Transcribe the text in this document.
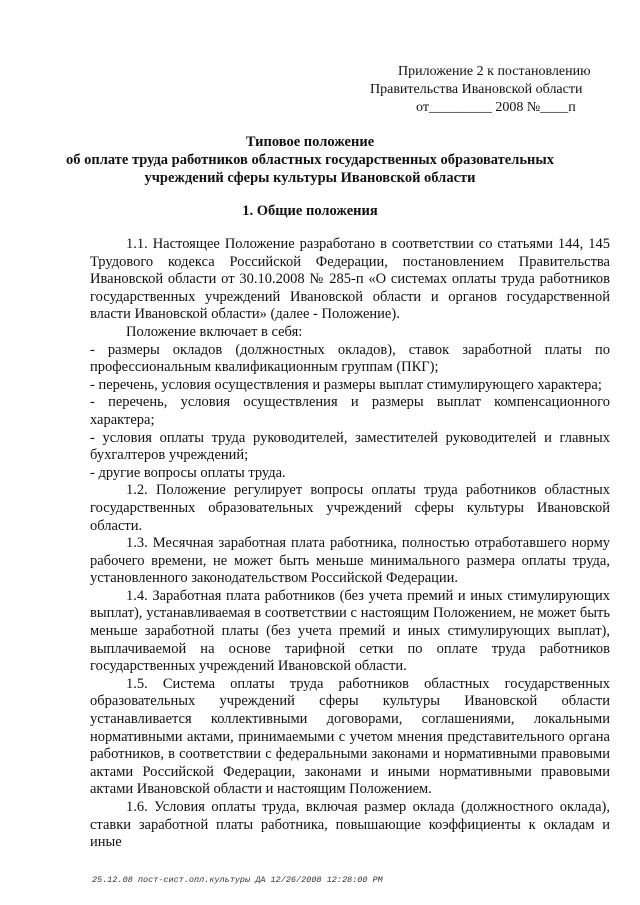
Приложение 2 к постановлению
Правительства Ивановской области
от_________ 2008 №____п
Типовое положение
об оплате труда работников областных государственных образовательных
учреждений сферы культуры Ивановской области
1. Общие положения

1.1. Настоящее Положение разработано в соответствии со статьями 144, 145 Трудового кодекса Российской Федерации, постановлением Правительства Ивановской области от 30.10.2008 № 285-п «О системах оплаты труда работников государственных учреждений Ивановской области и органов государственной власти Ивановской области» (далее - Положение).

Положение включает в себя:

- размеры окладов (должностных окладов), ставок заработной платы по профессиональным квалификационным группам (ПКГ);

- перечень, условия осуществления и размеры выплат стимулирующего характера;

- перечень, условия осуществления и размеры выплат компенсационного характера;

- условия оплаты труда руководителей, заместителей руководителей и главных бухгалтеров учреждений;

- другие вопросы оплаты труда.

1.2. Положение регулирует вопросы оплаты труда работников областных государственных образовательных учреждений сферы культуры Ивановской области.

1.3. Месячная заработная плата работника, полностью отработавшего норму рабочего времени, не может быть меньше минимального размера оплаты труда, установленного законодательством Российской Федерации.

1.4. Заработная плата работников (без учета премий и иных стимулирующих выплат), устанавливаемая в соответствии с настоящим Положением, не может быть меньше заработной платы (без учета премий и иных стимулирующих выплат), выплачиваемой на основе тарифной сетки по оплате труда работников государственных учреждений Ивановской области.

1.5. Система оплаты труда работников областных государственных образовательных учреждений сферы культуры Ивановской области устанавливается коллективными договорами, соглашениями, локальными нормативными актами, принимаемыми с учетом мнения представительного органа работников, в соответствии с федеральными законами и нормативными правовыми актами Российской Федерации, законами и иными нормативными правовыми актами Ивановской области и настоящим Положением.

1.6. Условия оплаты труда, включая размер оклада (должностного оклада), ставки заработной платы работника, повышающие коэффициенты к окладам и иные

25.12.08 пост-сист.опл.культуры ДА 12/26/2008 12:28:00 PM
